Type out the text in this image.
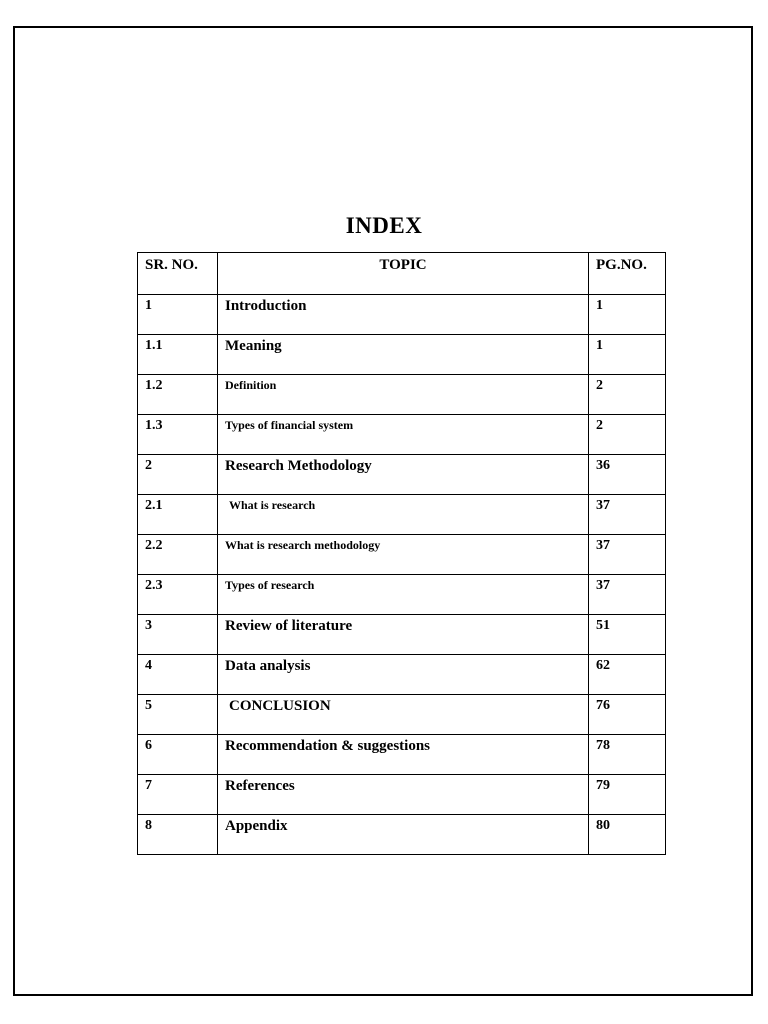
INDEX
SR. NO.	TOPIC	PG.NO.
1	Introduction	1
1.1	Meaning	1
1.2	Definition	2
1.3	Types of financial system	2
2	Research Methodology	36
2.1	What is research	37
2.2	What is research methodology	37
2.3	Types of research	37
3	Review of literature	51
4	Data analysis	62
5	CONCLUSION	76
6	Recommendation & suggestions	78
7	References	79
8	Appendix	80
